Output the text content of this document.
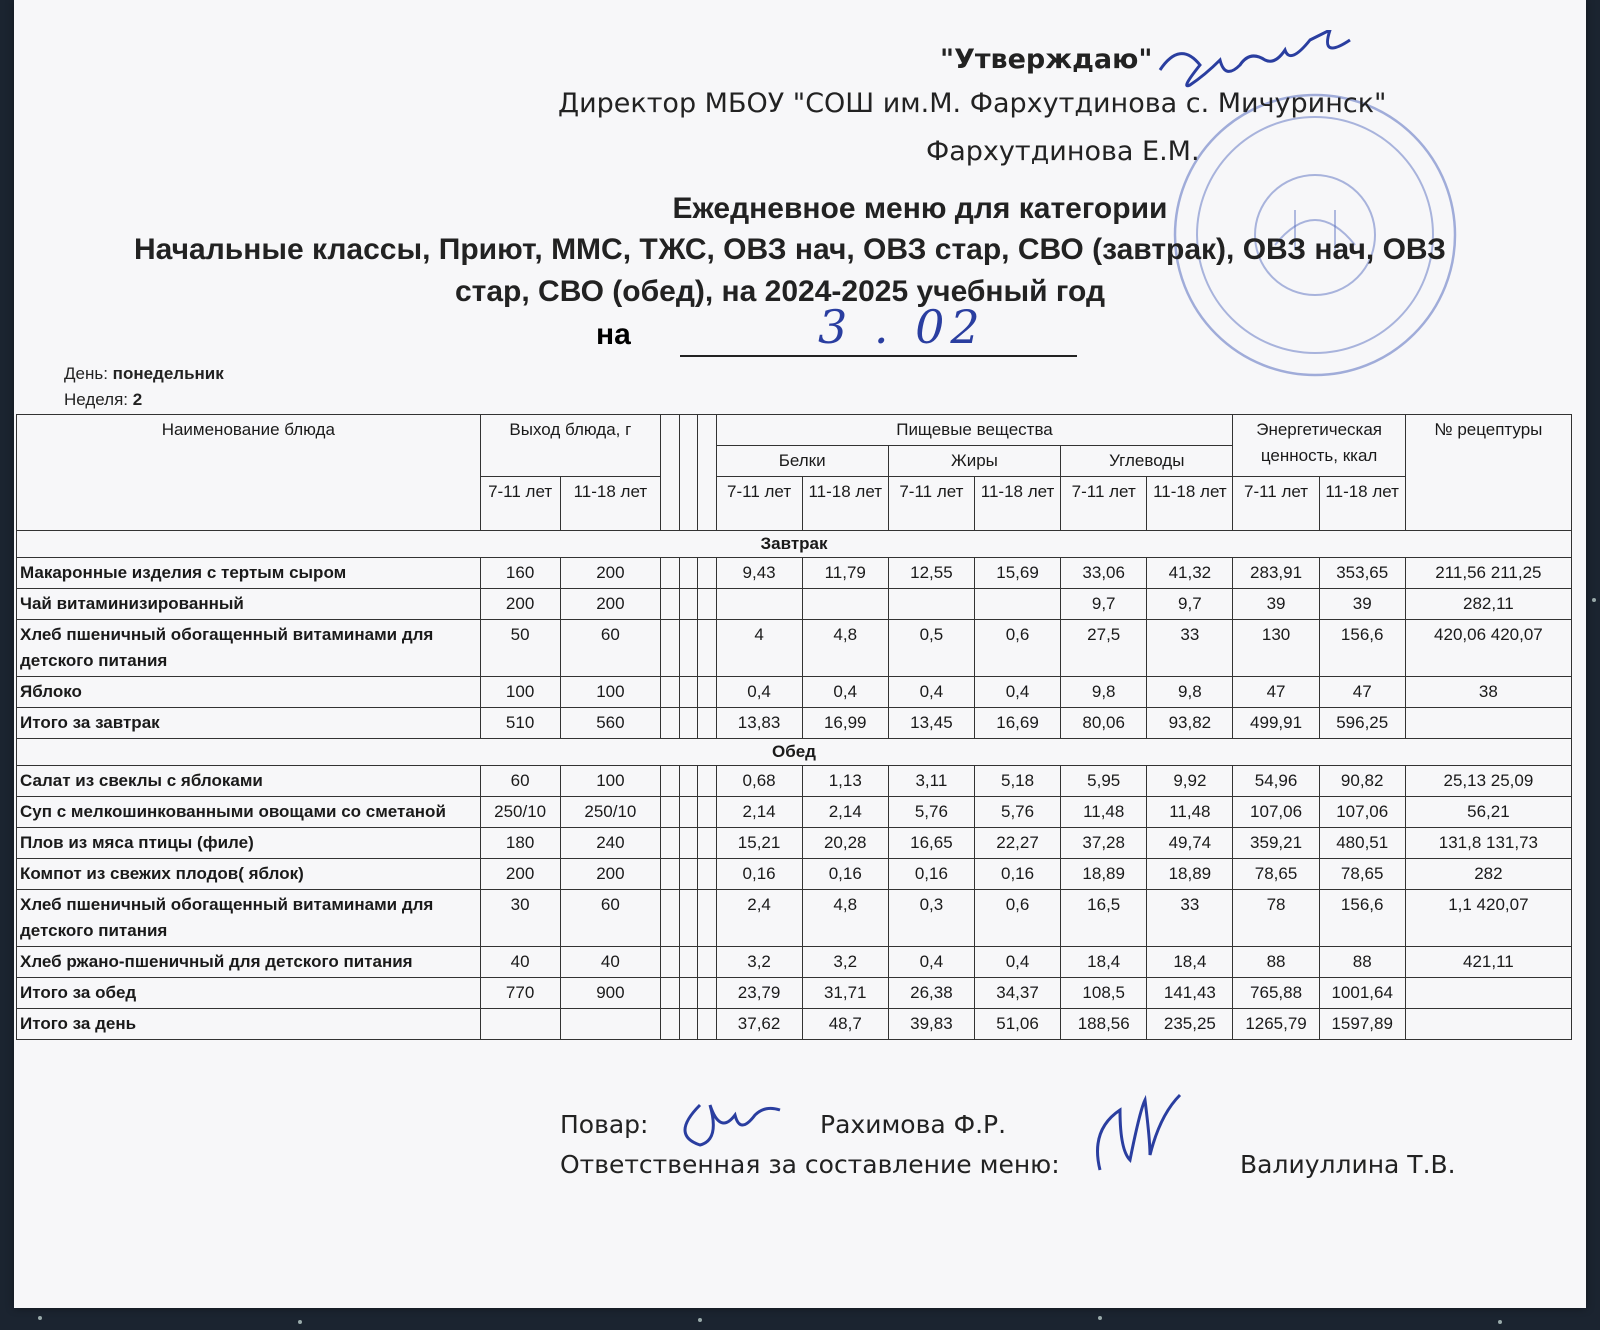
"Утверждаю"
Директор МБОУ "СОШ им.М. Фархутдинова с. Мичуринск"
Фархутдинова Е.М.
Ежедневное меню для категории
Начальные классы, Приют, ММС, ТЖС, ОВЗ нач, ОВЗ стар, СВО (завтрак), ОВЗ нач, ОВЗ
стар, СВО (обед), на 2024-2025 учебный год
на	3 . 02
День: понедельник
Неделя: 2
Наименование блюда	Выход блюда, г					Пищевые вещества						Энергетическая ценность, ккал		№ рецептуры
						Белки		Жиры		Углеводы				
	7-11 лет	11-18 лет				7-11 лет	11-18 лет	7-11 лет	11-18 лет	7-11 лет	11-18 лет	7-11 лет	11-18 лет	
Завтрак														
Макаронные изделия с тертым сыром	160	200				9,43	11,79	12,55	15,69	33,06	41,32	283,91	353,65	211,56 211,25
Чай витаминизированный	200	200								9,7	9,7	39	39	282,11
Хлеб пшеничный обогащенный витаминами для детского питания	50	60				4	4,8	0,5	0,6	27,5	33	130	156,6	420,06 420,07
Яблоко	100	100				0,4	0,4	0,4	0,4	9,8	9,8	47	47	38
Итого за завтрак	510	560				13,83	16,99	13,45	16,69	80,06	93,82	499,91	596,25	
Обед														
Салат из свеклы с яблоками	60	100				0,68	1,13	3,11	5,18	5,95	9,92	54,96	90,82	25,13 25,09
Суп с мелкошинкованными овощами со сметаной	250/10	250/10				2,14	2,14	5,76	5,76	11,48	11,48	107,06	107,06	56,21
Плов из мяса птицы (филе)	180	240				15,21	20,28	16,65	22,27	37,28	49,74	359,21	480,51	131,8 131,73
Компот из свежих плодов( яблок)	200	200				0,16	0,16	0,16	0,16	18,89	18,89	78,65	78,65	282
Хлеб пшеничный обогащенный витаминами для детского питания	30	60				2,4	4,8	0,3	0,6	16,5	33	78	156,6	1,1 420,07
Хлеб ржано-пшеничный для детского питания	40	40				3,2	3,2	0,4	0,4	18,4	18,4	88	88	421,11
Итого за обед	770	900				23,79	31,71	26,38	34,37	108,5	141,43	765,88	1001,64	
Итого за день						37,62	48,7	39,83	51,06	188,56	235,25	1265,79	1597,89	
Повар:	Рахимова Ф.Р.
Ответственная за составление меню:	Валиуллина Т.В.
